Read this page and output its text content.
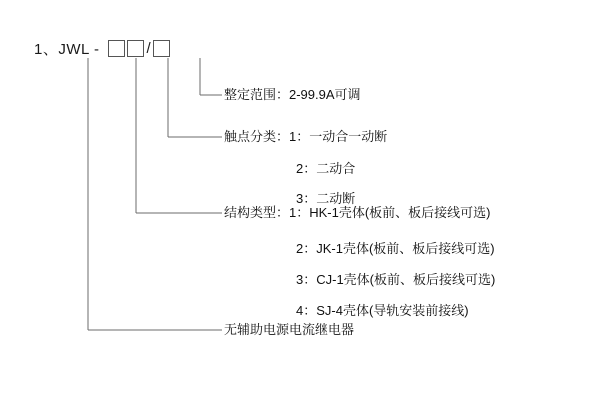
1、JWL -	/
整定范围：2-99.9A可调
触点分类：1：一动合一动断
2：二动合
3：二动断
结构类型：1：HK-1壳体(板前、板后接线可选)
2：JK-1壳体(板前、板后接线可选)
3：CJ-1壳体(板前、板后接线可选)
4：SJ-4壳体(导轨安装前接线)
无辅助电源电流继电器
